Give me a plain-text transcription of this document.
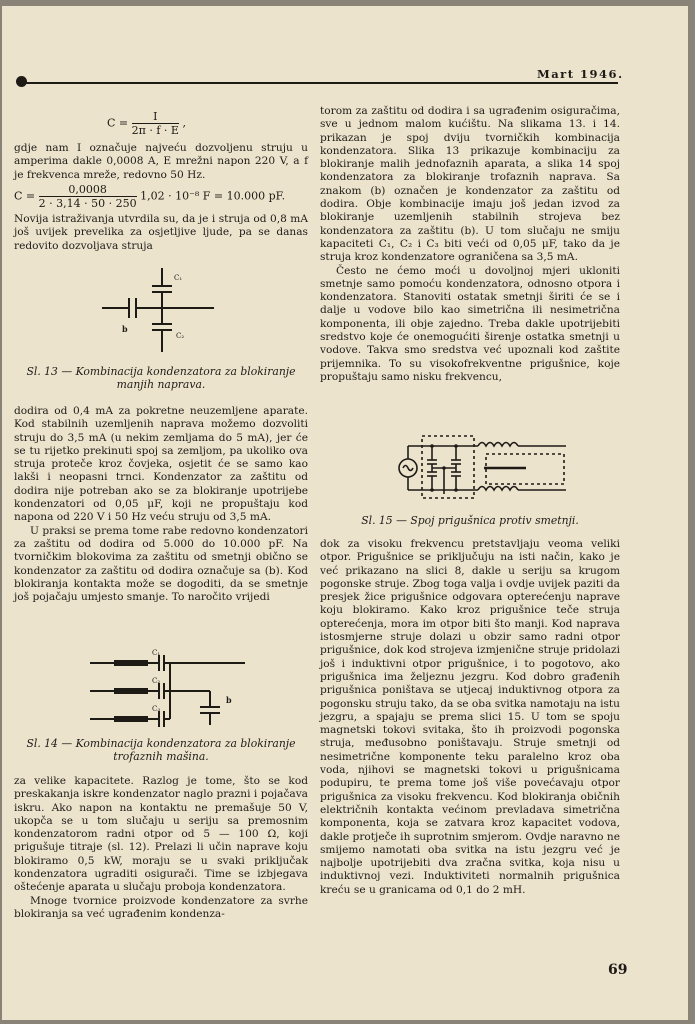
Mart 1946.
$C = \frac{I}{2\pi \cdot f \cdot E}$ ,

gdje nam I označuje najveću dozvoljenu struju u amperima dakle 0,0008 A, E mrežni napon 220 V, a f je frekvenca mreže, redovno 50 Hz.

$C = \frac{0,0008}{2 \cdot 3,14 \cdot 50 \cdot 250} 1,02 \cdot 10^{-8}$ F = 10.000 pF.

Novija istraživanja utvrdila su, da je i struja od 0,8 mA još uvijek prevelika za osjetljive ljude, pa se danas redovito dozvoljava struja

C₁
C₂
b
Sl. 13 — Kombinacija kondenzatora za blokiranje manjih naprava.

dodira od 0,4 mA za pokretne neuzemljene aparate. Kod stabilnih uzemljenih naprava možemo dozvoliti struju do 3,5 mA (u nekim zemljama do 5 mA), jer će se tu rijetko prekinuti spoj sa zemljom, pa ukoliko ova struja proteče kroz čovjeka, osjetit će se samo kao lakši i neopasni trnci. Kondenzator za zaštitu od dodira nije potreban ako se za blokiranje upotrijebe kondenzatori od 0,05 μF, koji ne propuštaju kod napona od 220 V i 50 Hz veću struju od 3,5 mA.

U praksi se prema tome rabe redovno kondenzatori za zaštitu od dodira od 5.000 do 10.000 pF. Na tvorničkim blokovima za zaštitu od smetnji obično se kondenzator za zaštitu od dodira označuje sa (b). Kod blokiranja kontakta može se dogoditi, da se smetnje još pojačaju umjesto smanje. To naročito vrijedi

C₁
C₂
C₃
b
Sl. 14 — Kombinacija kondenzatora za blokiranje trofaznih mašina.

za velike kapacitete. Razlog je tome, što se kod preskakanja iskre kondenzator naglo prazni i pojačava iskru. Ako napon na kontaktu ne premašuje 50 V, ukopča se u tom slučaju u seriju sa premosnim kondenzatorom radni otpor od 5 — 100 Ω, koji prigušuje titraje (sl. 12). Prelazi li učin naprave koju blokiramo 0,5 kW, moraju se u svaki priključak kondenzatora ugraditi osigurači. Time se izbjegava oštećenje aparata u slučaju proboja kondenzatora.

Mnoge tvornice proizvode kondenzatore za svrhe blokiranja sa već ugrađenim kondenza-

torom za zaštitu od dodira i sa ugrađenim osiguračima, sve u jednom malom kućištu. Na slikama 13. i 14. prikazan je spoj dviju tvorničkih kombinacija kondenzatora. Slika 13 prikazuje kombinaciju za blokiranje malih jednofaznih aparata, a slika 14 spoj kondenzatora za blokiranje trofaznih naprava. Sa znakom (b) označen je kondenzator za zaštitu od dodira. Obje kombinacije imaju još jedan izvod za blokiranje uzemljenih stabilnih strojeva bez kondenzatora za zaštitu (b). U tom slučaju ne smiju kapaciteti C₁, C₂ i C₃ biti veći od 0,05 μF, tako da je struja kroz kondenzatore ograničena sa 3,5 mA.

Često ne ćemo moći u dovoljnoj mjeri ukloniti smetnje samo pomoću kondenzatora, odnosno otpora i kondenzatora. Stanoviti ostatak smetnji širiti će se i dalje u vodove bilo kao simetrična ili nesimetrična komponenta, ili obje zajedno. Treba dakle upotrijebiti sredstvo koje će onemogućiti širenje ostatka smetnji u vodove. Takva smo sredstva već upoznali kod zaštite prijemnika. To su visokofrekventne prigušnice, koje propuštaju samo nisku frekvencu,

Sl. 15 — Spoj prigušnica protiv smetnji.

dok za visoku frekvencu pretstavljaju veoma veliki otpor. Prigušnice se priključuju na isti način, kako je već prikazano na slici 8, dakle u seriju sa krugom pogonske struje. Zbog toga valja i ovdje uvijek paziti da presjek žice prigušnice odgovara opterećenju naprave koju blokiramo. Kako kroz prigušnice teče struja opterećenja, mora im otpor biti što manji. Kod naprava istosmjerne struje dolazi u obzir samo radni otpor prigušnice, dok kod strojeva izmjenične struje pridolazi još i induktivni otpor prigušnice, i to pogotovo, ako prigušnica ima željeznu jezgru. Kod dobro građenih prigušnica poništava se utjecaj induktivnog otpora za pogonsku struju tako, da se oba svitka namotaju na istu jezgru, a spajaju se prema slici 15. U tom se spoju magnetski tokovi svitaka, što ih proizvodi pogonska struja, međusobno poništavaju. Struje smetnji od nesimetrične komponente teku paralelno kroz oba voda, njihovi se magnetski tokovi u prigušnicama podupiru, te prema tome još više povećavaju otpor prigušnica za visoku frekvencu. Kod blokiranja običnih električnih kontakta većinom prevladava simetrična komponenta, koja se zatvara kroz kapacitet vodova, dakle protječe ih suprotnim smjerom. Ovdje naravno ne smijemo namotati oba svitka na istu jezgru već je najbolje upotrijebiti dva zračna svitka, koja nisu u induktivnoj vezi. Induktiviteti normalnih prigušnica kreću se u granicama od 0,1 do 2 mH.

69
